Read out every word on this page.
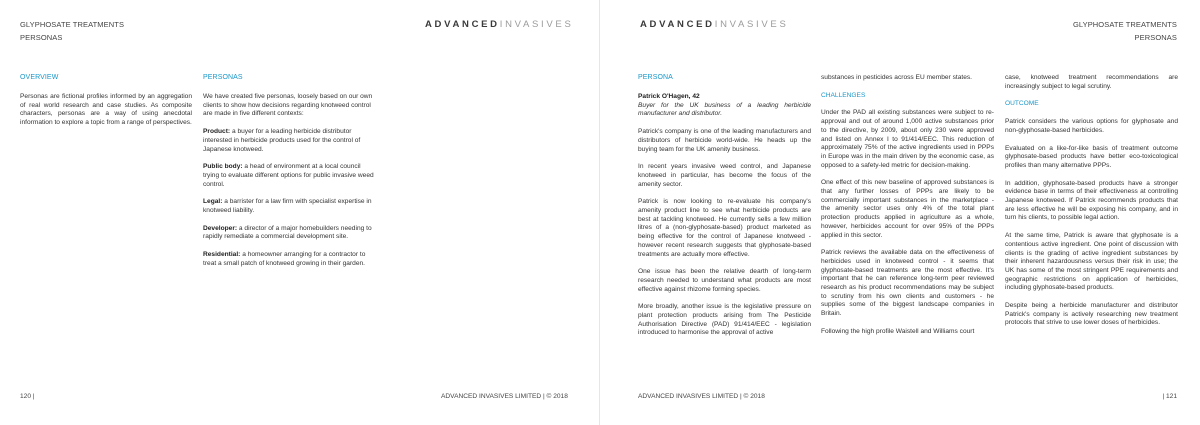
GLYPHOSATE TREATMENTS
PERSONAS
ADVANCEDINVASIVES
OVERVIEW

Personas are fictional profiles informed by an aggregation of real world research and case studies. As composite characters, personas are a way of using anecdotal information to explore a topic from a range of perspectives.

PERSONAS

We have created five personas, loosely based on our own clients to show how decisions regarding knotweed control are made in five different contexts:

Product: a buyer for a leading herbicide distributor interested in herbicide products used for the control of Japanese knotweed.

Public body: a head of environment at a local council trying to evaluate different options for public invasive weed control.

Legal: a barrister for a law firm with specialist expertise in knotweed liability.

Developer: a director of a major homebuilders needing to rapidly remediate a commercial development site.

Residential: a homeowner arranging for a contractor to treat a small patch of knotweed growing in their garden.

120 |	ADVANCED INVASIVES LIMITED | © 2018
ADVANCEDINVASIVES	GLYPHOSATE TREATMENTS
PERSONAS
PERSONA
Patrick O'Hagen, 42

Buyer for the UK business of a leading herbicide manufacturer and distributor.

Patrick's company is one of the leading manufacturers and distributors of herbicide world-wide. He heads up the buying team for the UK amenity business.

In recent years invasive weed control, and Japanese knotweed in particular, has become the focus of the amenity sector.

Patrick is now looking to re-evaluate his company's amenity product line to see what herbicide products are best at tackling knotweed. He currently sells a few million litres of a (non-glyphosate-based) product marketed as being effective for the control of Japanese knotweed - however recent research suggests that glyphosate-based treatments are actually more effective.

One issue has been the relative dearth of long-term research needed to understand what products are most effective against rhizome forming species.

More broadly, another issue is the legislative pressure on plant protection products arising from The Pesticide Authorisation Directive (PAD) 91/414/EEC - legislation introduced to harmonise the approval of active

substances in pesticides across EU member states.

CHALLENGES

Under the PAD all existing substances were subject to re-approval and out of around 1,000 active substances prior to the directive, by 2009, about only 230 were approved and listed on Annex I to 91/414/EEC. This reduction of approximately 75% of the active ingredients used in PPPs in Europe was in the main driven by the economic case, as opposed to a safety-led metric for decision-making.

One effect of this new baseline of approved substances is that any further losses of PPPs are likely to be commercially important substances in the marketplace - the amenity sector uses only 4% of the total plant protection products applied in agriculture as a whole, however, herbicides account for over 95% of the PPPs applied in this sector.

Patrick reviews the available data on the effectiveness of herbicides used in knotweed control - it seems that glyphosate-based treatments are the most effective. It's important that he can reference long-term peer reviewed research as his product recommendations may be subject to scrutiny from his own clients and customers - he supplies some of the biggest landscape companies in Britain.

Following the high profile Waistell and Williams court

case, knotweed treatment recommendations are increasingly subject to legal scrutiny.

OUTCOME

Patrick considers the various options for glyphosate and non-glyphosate-based herbicides.

Evaluated on a like-for-like basis of treatment outcome glyphosate-based products have better eco-toxicological profiles than many alternative PPPs.

In addition, glyphosate-based products have a stronger evidence base in terms of their effectiveness at controlling Japanese knotweed. If Patrick recommends products that are less effective he will be exposing his company, and in turn his clients, to possible legal action.

At the same time, Patrick is aware that glyphosate is a contentious active ingredient. One point of discussion with clients is the grading of active ingredient substances by their inherent hazardousness versus their risk in use; the UK has some of the most stringent PPE requirements and geographic restrictions on application of herbicides, including glyphosate-based products.

Despite being a herbicide manufacturer and distributor Patrick's company is actively researching new treatment protocols that strive to use lower doses of herbicides.

ADVANCED INVASIVES LIMITED | © 2018	| 121
